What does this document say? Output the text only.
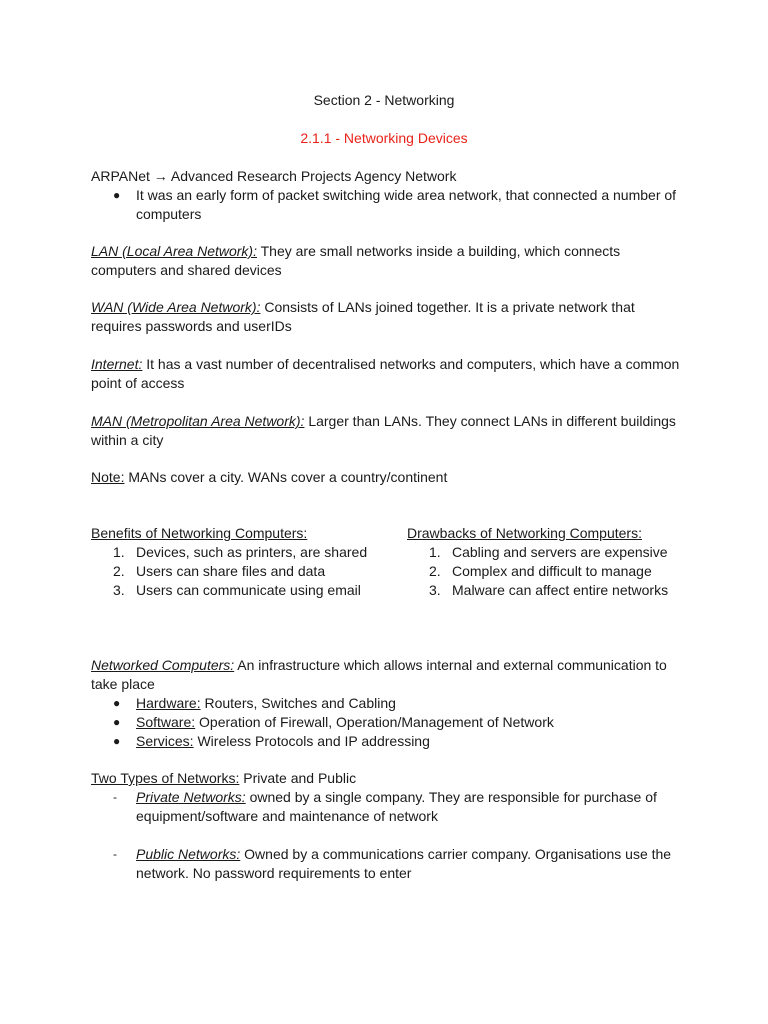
Section 2 - Networking
2.1.1 - Networking Devices
ARPANet → Advanced Research Projects Agency Network
● It was an early form of packet switching wide area network, that connected a number of computers
LAN (Local Area Network): They are small networks inside a building, which connects computers and shared devices
WAN (Wide Area Network): Consists of LANs joined together. It is a private network that requires passwords and userIDs
Internet: It has a vast number of decentralised networks and computers, which have a common point of access
MAN (Metropolitan Area Network): Larger than LANs. They connect LANs in different buildings within a city
Note: MANs cover a city. WANs cover a country/continent
Benefits of Networking Computers:
1. Devices, such as printers, are shared
2. Users can share files and data
3. Users can communicate using email
Drawbacks of Networking Computers:
1. Cabling and servers are expensive
2. Complex and difficult to manage
3. Malware can affect entire networks
Networked Computers: An infrastructure which allows internal and external communication to take place
● Hardware: Routers, Switches and Cabling
● Software: Operation of Firewall, Operation/Management of Network
● Services: Wireless Protocols and IP addressing
Two Types of Networks: Private and Public
- Private Networks: owned by a single company. They are responsible for purchase of equipment/software and maintenance of network
- Public Networks: Owned by a communications carrier company. Organisations use the network. No password requirements to enter
